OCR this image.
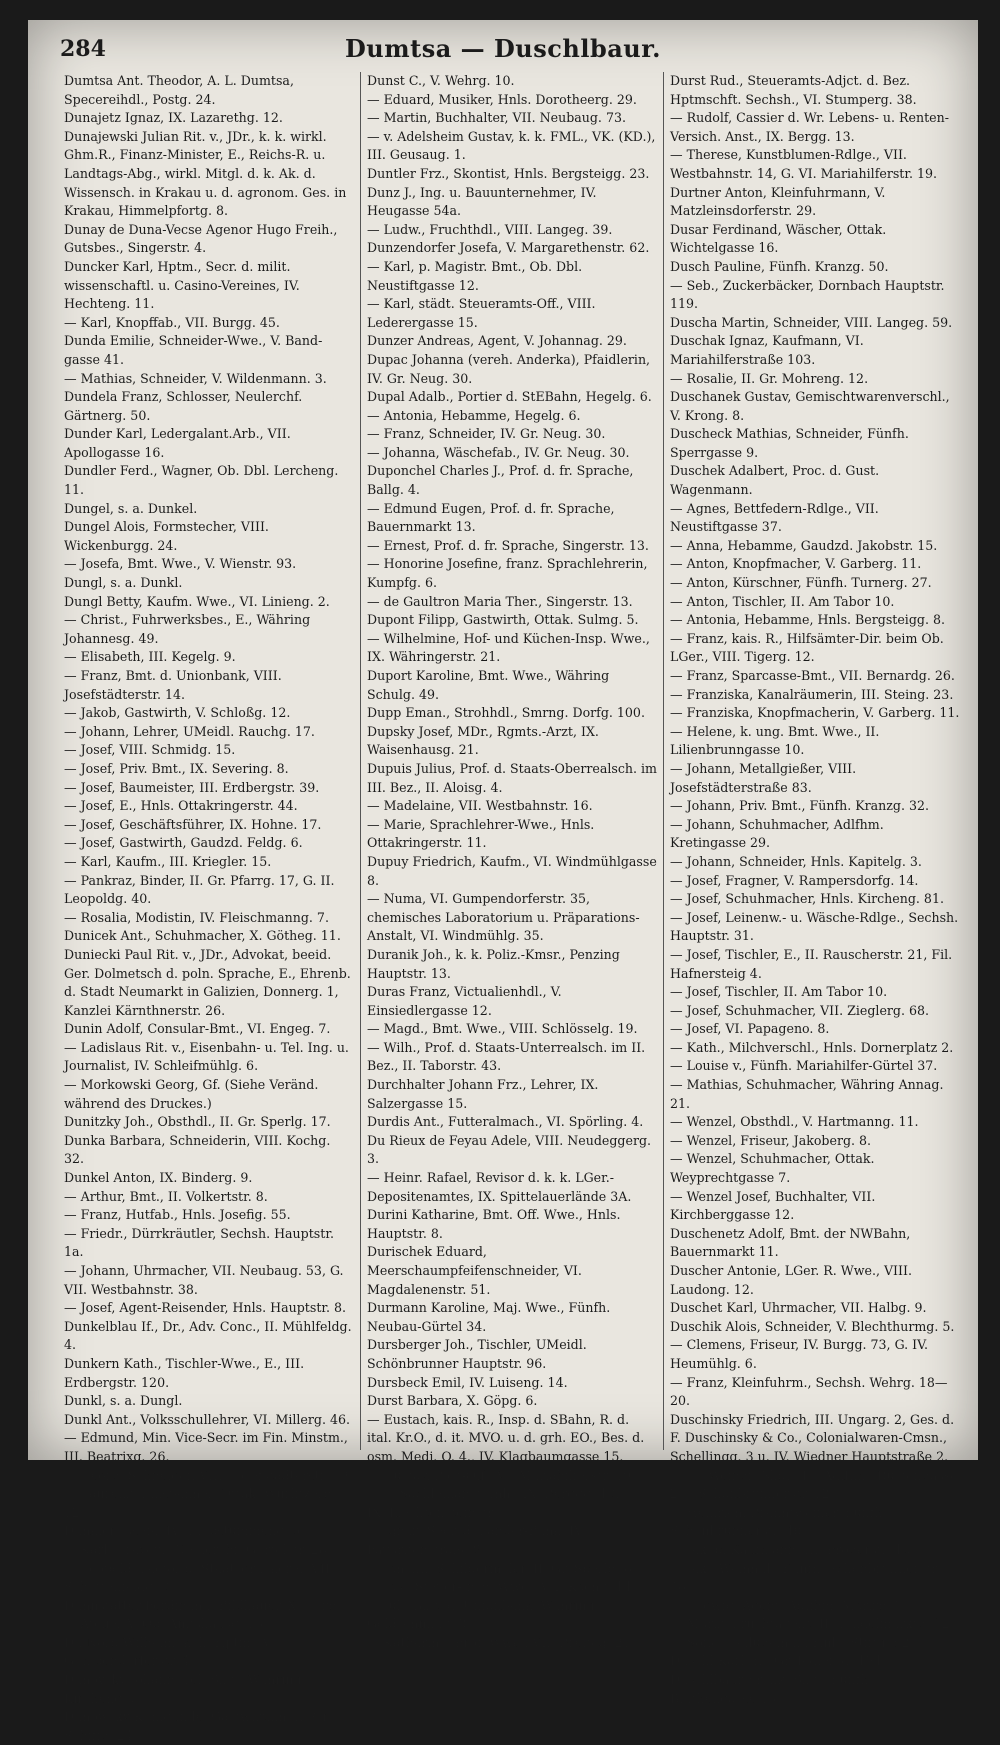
284	Dumtsa — Duschlbaur.

Dumtsa Ant. Theodor, A. L. Dumtsa, Specereihdl., Postg. 24.

Dunajetz Ignaz, IX. Lazarethg. 12.

Dunajewski Julian Rit. v., JDr., k. k. wirkl. Ghm.R., Finanz-Minister, E., Reichs-R. u. Landtags-Abg., wirkl. Mitgl. d. k. Ak. d. Wissensch. in Krakau u. d. agronom. Ges. in Krakau, Himmelpfortg. 8.

Dunay de Duna-Vecse Agenor Hugo Freih., Gutsbes., Singerstr. 4.

Duncker Karl, Hptm., Secr. d. milit. wissenschaftl. u. Casino-Vereines, IV. Hechteng. 11.

— Karl, Knopffab., VII. Burgg. 45.

Dunda Emilie, Schneider-Wwe., V. Band-gasse 41.

— Mathias, Schneider, V. Wildenmann. 3.

Dundela Franz, Schlosser, Neulerchf. Gärtnerg. 50.

Dunder Karl, Ledergalant.Arb., VII. Apollogasse 16.

Dundler Ferd., Wagner, Ob. Dbl. Lercheng. 11.

Dungel, s. a. Dunkel.

Dungel Alois, Formstecher, VIII. Wickenburgg. 24.

— Josefa, Bmt. Wwe., V. Wienstr. 93.

Dungl, s. a. Dunkl.

Dungl Betty, Kaufm. Wwe., VI. Linieng. 2.

— Christ., Fuhrwerksbes., E., Währing Johannesg. 49.

— Elisabeth, III. Kegelg. 9.

— Franz, Bmt. d. Unionbank, VIII. Josefstädterstr. 14.

— Jakob, Gastwirth, V. Schloßg. 12.

— Johann, Lehrer, UMeidl. Rauchg. 17.

— Josef, VIII. Schmidg. 15.

— Josef, Priv. Bmt., IX. Severing. 8.

— Josef, Baumeister, III. Erdbergstr. 39.

— Josef, E., Hnls. Ottakringerstr. 44.

— Josef, Geschäftsführer, IX. Hohne. 17.

— Josef, Gastwirth, Gaudzd. Feldg. 6.

— Karl, Kaufm., III. Kriegler. 15.

— Pankraz, Binder, II. Gr. Pfarrg. 17, G. II. Leopoldg. 40.

— Rosalia, Modistin, IV. Fleischmanng. 7.

Dunicek Ant., Schuhmacher, X. Götheg. 11.

Duniecki Paul Rit. v., JDr., Advokat, beeid. Ger. Dolmetsch d. poln. Sprache, E., Ehrenb. d. Stadt Neumarkt in Galizien, Donnerg. 1, Kanzlei Kärnthnerstr. 26.

Dunin Adolf, Consular-Bmt., VI. Engeg. 7.

— Ladislaus Rit. v., Eisenbahn- u. Tel. Ing. u. Journalist, IV. Schleifmühlg. 6.

— Morkowski Georg, Gf. (Siehe Veränd. während des Druckes.)

Dunitzky Joh., Obsthdl., II. Gr. Sperlg. 17.

Dunka Barbara, Schneiderin, VIII. Kochg. 32.

Dunkel Anton, IX. Binderg. 9.

— Arthur, Bmt., II. Volkertstr. 8.

— Franz, Hutfab., Hnls. Josefig. 55.

— Friedr., Dürrkräutler, Sechsh. Hauptstr. 1a.

— Johann, Uhrmacher, VII. Neubaug. 53, G. VII. Westbahnstr. 38.

— Josef, Agent-Reisender, Hnls. Hauptstr. 8.

Dunkelblau If., Dr., Adv. Conc., II. Mühlfeldg. 4.

Dunkern Kath., Tischler-Wwe., E., III. Erdbergstr. 120.

Dunkl, s. a. Dungl.

Dunkl Ant., Volksschullehrer, VI. Millerg. 46.

— Edmund, Min. Vice-Secr. im Fin. Minstm., III. Beatrixg. 26.

— Georg, Schneider, VIII. Josefstädterstr. 79.

— Laurenz, Einspänner, Ottak. Wurlitzerg. 12.

Dunkler Josefa, IV. Taubstummeng. 5.

— Karl, Graveur, Neulerchf. Gürtelstr. 28.

— Leopold, Factor d. Staatsdruckerei, VII. Schottenfeldg. 3.

Dunnstätter Ferdinand, Bildhauer, X. Gözg. 7, Atelier V. Ob. Amtshausg. 15.

Du Nord Wilhelm, k. k. Hptm., VI. Gumpendorferstr. 4.

Dunovsky Johann, Tel. Bmt., Währing Kircheng. 6.

Dunowsky Kunigunde, Gastwirthin, II. Gr. Schiffg. 24.

Dunst C., V. Wehrg. 10.

— Eduard, Musiker, Hnls. Dorotheerg. 29.

— Martin, Buchhalter, VII. Neubaug. 73.

— v. Adelsheim Gustav, k. k. FML., VK. (KD.), III. Geusaug. 1.

Duntler Frz., Skontist, Hnls. Bergsteigg. 23.

Dunz J., Ing. u. Bauunternehmer, IV. Heugasse 54a.

— Ludw., Fruchthdl., VIII. Langeg. 39.

Dunzendorfer Josefa, V. Margarethenstr. 62.

— Karl, p. Magistr. Bmt., Ob. Dbl. Neustiftgasse 12.

— Karl, städt. Steueramts-Off., VIII. Lederergasse 15.

Dunzer Andreas, Agent, V. Johannag. 29.

Dupac Johanna (vereh. Anderka), Pfaidlerin, IV. Gr. Neug. 30.

Dupal Adalb., Portier d. StEBahn, Hegelg. 6.

— Antonia, Hebamme, Hegelg. 6.

— Franz, Schneider, IV. Gr. Neug. 30.

— Johanna, Wäschefab., IV. Gr. Neug. 30.

Duponchel Charles J., Prof. d. fr. Sprache, Ballg. 4.

— Edmund Eugen, Prof. d. fr. Sprache, Bauernmarkt 13.

— Ernest, Prof. d. fr. Sprache, Singerstr. 13.

— Honorine Josefine, franz. Sprachlehrerin, Kumpfg. 6.

— de Gaultron Maria Ther., Singerstr. 13.

Dupont Filipp, Gastwirth, Ottak. Sulmg. 5.

— Wilhelmine, Hof- und Küchen-Insp. Wwe., IX. Währingerstr. 21.

Duport Karoline, Bmt. Wwe., Währing Schulg. 49.

Dupp Eman., Strohhdl., Smrng. Dorfg. 100.

Dupsky Josef, MDr., Rgmts.-Arzt, IX. Waisenhausg. 21.

Dupuis Julius, Prof. d. Staats-Oberrealsch. im III. Bez., II. Aloisg. 4.

— Madelaine, VII. Westbahnstr. 16.

— Marie, Sprachlehrer-Wwe., Hnls. Ottakringerstr. 11.

Dupuy Friedrich, Kaufm., VI. Windmühlgasse 8.

— Numa, VI. Gumpendorferstr. 35, chemisches Laboratorium u. Präparations-Anstalt, VI. Windmühlg. 35.

Duranik Joh., k. k. Poliz.-Kmsr., Penzing Hauptstr. 13.

Duras Franz, Victualienhdl., V. Einsiedlergasse 12.

— Magd., Bmt. Wwe., VIII. Schlösselg. 19.

— Wilh., Prof. d. Staats-Unterrealsch. im II. Bez., II. Taborstr. 43.

Durchhalter Johann Frz., Lehrer, IX. Salzergasse 15.

Durdis Ant., Futteralmach., VI. Spörling. 4.

Du Rieux de Feyau Adele, VIII. Neudeggerg. 3.

— Heinr. Rafael, Revisor d. k. k. LGer.-Depositenamtes, IX. Spittelauerlände 3A.

Durini Katharine, Bmt. Off. Wwe., Hnls. Hauptstr. 8.

Durischek Eduard, Meerschaumpfeifenschneider, VI. Magdalenenstr. 51.

Durmann Karoline, Maj. Wwe., Fünfh. Neubau-Gürtel 34.

Dursberger Joh., Tischler, UMeidl. Schönbrunner Hauptstr. 96.

Dursbeck Emil, IV. Luiseng. 14.

Durst Barbara, X. Göpg. 6.

— Eustach, kais. R., Insp. d. SBahn, R. d. ital. Kr.O., d. it. MVO. u. d. grh. EO., Bes. d. osm. Medj. O. 4., IV. Klagbaumgasse 15.

— Gustav, Post-Off., VI. Mariahilferstr. 19.

— J., Sackleihanst. Inh., IX. Berggg. 13, G. IX. Liechtensteinstr. 3.

— Ignaz, Secr. d. Länder-Bank, IV. Favoritenstraße 8.

— Johann, Schildermaler, II. Gr. Sperlg. 8.

— Jos., Steuer-Insp. Wwe., VII. Kochg. 14.

— Jul., Bmt. d. Unionbank, Währing Goldschmidg. 3.

— Katharina, Prof. Wwe., VII. Breiteg. 21.

Durst Rud., Steueramts-Adjct. d. Bez. Hptmschft. Sechsh., VI. Stumperg. 38.

— Rudolf, Cassier d. Wr. Lebens- u. Renten-Versich. Anst., IX. Bergg. 13.

— Therese, Kunstblumen-Rdlge., VII. Westbahnstr. 14, G. VI. Mariahilferstr. 19.

Durtner Anton, Kleinfuhrmann, V. Matzleinsdorferstr. 29.

Dusar Ferdinand, Wäscher, Ottak. Wichtelgasse 16.

Dusch Pauline, Fünfh. Kranzg. 50.

— Seb., Zuckerbäcker, Dornbach Hauptstr. 119.

Duscha Martin, Schneider, VIII. Langeg. 59.

Duschak Ignaz, Kaufmann, VI. Mariahilferstraße 103.

— Rosalie, II. Gr. Mohreng. 12.

Duschanek Gustav, Gemischtwarenverschl., V. Krong. 8.

Duscheck Mathias, Schneider, Fünfh. Sperrgasse 9.

Duschek Adalbert, Proc. d. Gust. Wagenmann.

— Agnes, Bettfedern-Rdlge., VII. Neustiftgasse 37.

— Anna, Hebamme, Gaudzd. Jakobstr. 15.

— Anton, Knopfmacher, V. Garberg. 11.

— Anton, Kürschner, Fünfh. Turnerg. 27.

— Anton, Tischler, II. Am Tabor 10.

— Antonia, Hebamme, Hnls. Bergsteigg. 8.

— Franz, kais. R., Hilfsämter-Dir. beim Ob. LGer., VIII. Tigerg. 12.

— Franz, Sparcasse-Bmt., VII. Bernardg. 26.

— Franziska, Kanalräumerin, III. Steing. 23.

— Franziska, Knopfmacherin, V. Garberg. 11.

— Helene, k. ung. Bmt. Wwe., II. Lilienbrunngasse 10.

— Johann, Metallgießer, VIII. Josefstädterstraße 83.

— Johann, Priv. Bmt., Fünfh. Kranzg. 32.

— Johann, Schuhmacher, Adlfhm. Kretingasse 29.

— Johann, Schneider, Hnls. Kapitelg. 3.

— Josef, Fragner, V. Rampersdorfg. 14.

— Josef, Schuhmacher, Hnls. Kircheng. 81.

— Josef, Leinenw.- u. Wäsche-Rdlge., Sechsh. Hauptstr. 31.

— Josef, Tischler, E., II. Rauscherstr. 21, Fil. Hafnersteig 4.

— Josef, Tischler, II. Am Tabor 10.

— Josef, Schuhmacher, VII. Zieglerg. 68.

— Josef, VI. Papageno. 8.

— Kath., Milchverschl., Hnls. Dornerplatz 2.

— Louise v., Fünfh. Mariahilfer-Gürtel 37.

— Mathias, Schuhmacher, Währing Annag. 21.

— Wenzel, Obsthdl., V. Hartmanng. 11.

— Wenzel, Friseur, Jakoberg. 8.

— Wenzel, Schuhmacher, Ottak. Weyprechtgasse 7.

— Wenzel Josef, Buchhalter, VII. Kirchberggasse 12.

Duschenetz Adolf, Bmt. der NWBahn, Bauernmarkt 11.

Duscher Antonie, LGer. R. Wwe., VIII. Laudong. 12.

Duschet Karl, Uhrmacher, VII. Halbg. 9.

Duschik Alois, Schneider, V. Blechthurmg. 5.

— Clemens, Friseur, IV. Burgg. 73, G. IV. Heumühlg. 6.

— Franz, Kleinfuhrm., Sechsh. Wehrg. 18—20.

Duschinsky Friedrich, III. Ungarg. 2, Ges. d. F. Duschinsky & Co., Colonialwaren-Cmsn., Schellingg. 3 u. IV. Wiedner Hauptstraße 2.

— G., Weingroßhdl., E., Adlfhm. Rustengasse 2 u. Schönbrunnerstr. 12.

— Heinrich, Branntweiner, Fünfh. Schönbrunnerstr. 48.

— Jakob, Kaufmann, III. Progerstr. 10.

— Jak., Weinhdl., Fünfh. Schönbrunnerstr. 48.

— Ludwig, Agent, Adlfhm. Morizg. 7.

— Moriz, Fruchtagent, II. Tandelmarktg. 12.

— Sofie, Geflügelhdl., Hnls. Stiftg. 62.

Duschl Karl, E., Gr. Jedlersd. 154.

Duschlbaur Franz, Bmt., Fünfh. Blüthengasse 13.
